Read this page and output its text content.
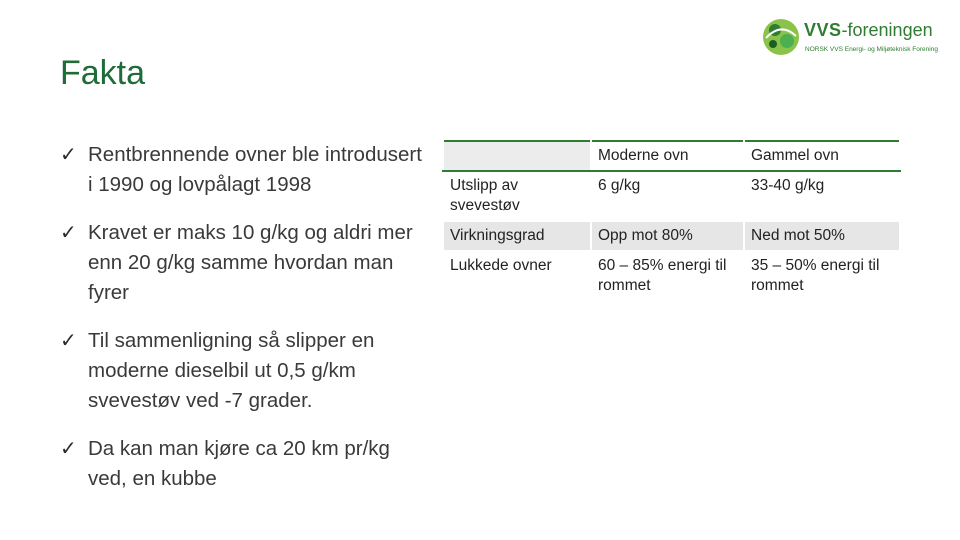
Fakta
VVS-foreningen
NORSK VVS Energi- og Miljøteknisk Forening
✓ Rentbrennende ovner ble introdusert i 1990 og lovpålagt 1998
✓ Kravet er maks 10 g/kg og aldri mer enn 20 g/kg samme hvordan man fyrer
✓ Til sammenligning så slipper en moderne dieselbil ut 0,5 g/km svevestøv ved -7 grader.
✓ Da kan man kjøre ca 20 km pr/kg ved, en kubbe
	Moderne ovn	Gammel ovn
Utslipp av svevestøv	6 g/kg	33-40 g/kg
Virkningsgrad	Opp mot 80%	Ned mot 50%
Lukkede ovner	60 – 85% energi til rommet	35 – 50% energi til rommet
